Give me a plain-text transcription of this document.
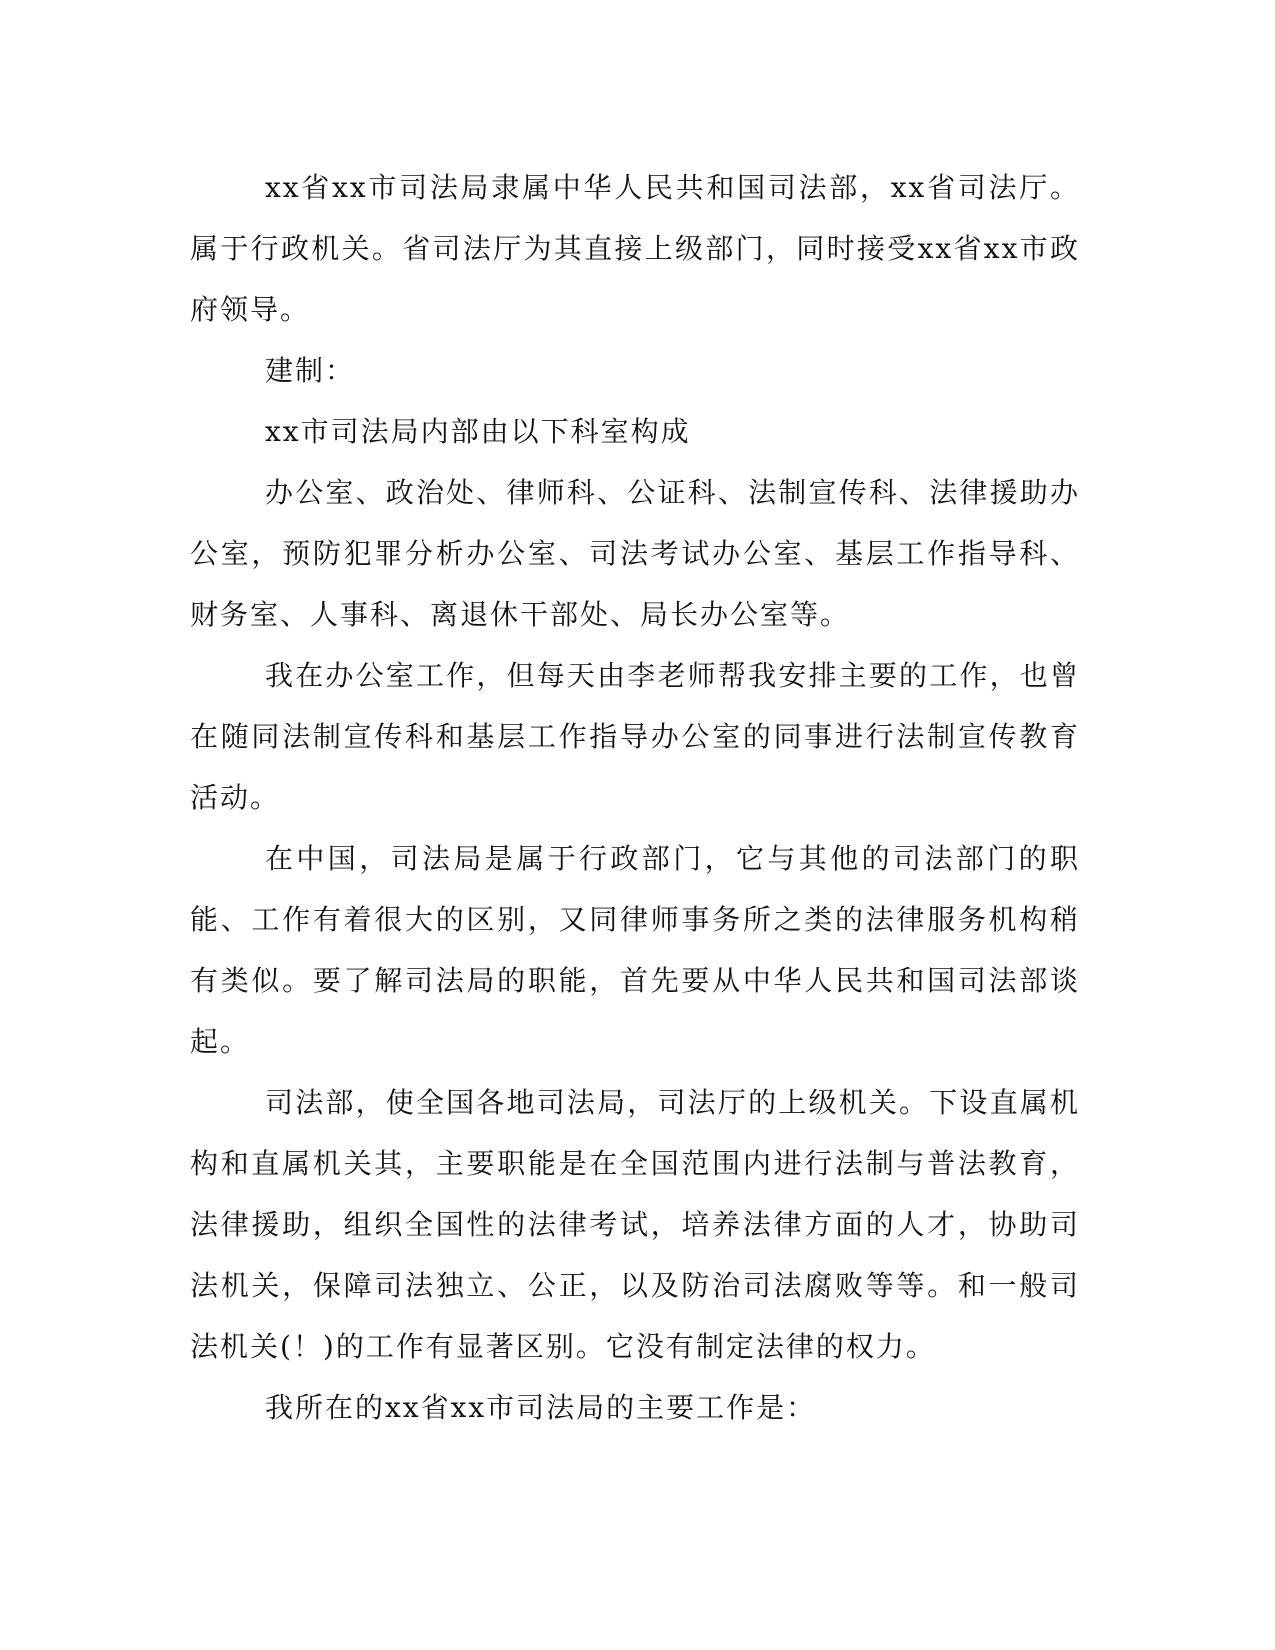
xx省xx市司法局隶属中华人民共和国司法部，xx省司法厅。属于行政机关。省司法厅为其直接上级部门，同时接受xx省xx市政府领导。

建制：

xx市司法局内部由以下科室构成

办公室、政治处、律师科、公证科、法制宣传科、法律援助办公室，预防犯罪分析办公室、司法考试办公室、基层工作指导科、财务室、人事科、离退休干部处、局长办公室等。

我在办公室工作，但每天由李老师帮我安排主要的工作，也曾在随同法制宣传科和基层工作指导办公室的同事进行法制宣传教育活动。

在中国，司法局是属于行政部门，它与其他的司法部门的职能、工作有着很大的区别，又同律师事务所之类的法律服务机构稍有类似。要了解司法局的职能，首先要从中华人民共和国司法部谈起。

司法部，使全国各地司法局，司法厅的上级机关。下设直属机构和直属机关其，主要职能是在全国范围内进行法制与普法教育，法律援助，组织全国性的法律考试，培养法律方面的人才，协助司法机关，保障司法独立、公正，以及防治司法腐败等等。和一般司法机关(！)的工作有显著区别。它没有制定法律的权力。

我所在的xx省xx市司法局的主要工作是：
